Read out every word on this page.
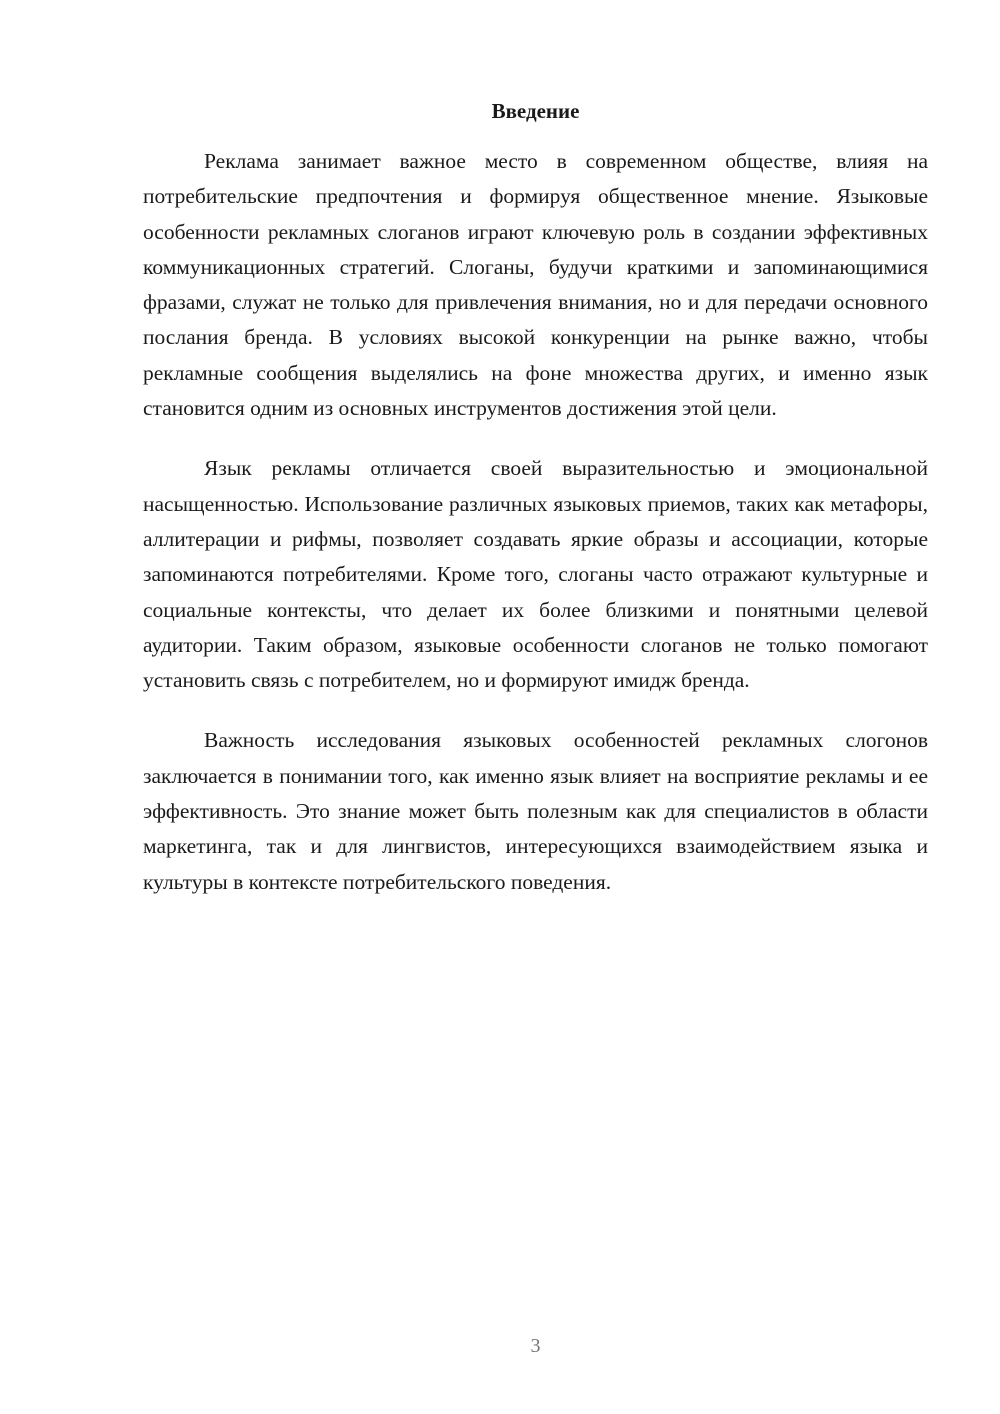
Введение

Реклама занимает важное место в современном обществе, влияя на потребительские предпочтения и формируя общественное мнение. Языковые особенности рекламных слоганов играют ключевую роль в создании эффективных коммуникационных стратегий. Слоганы, будучи краткими и запоминающимися фразами, служат не только для привлечения внимания, но и для передачи основного послания бренда. В условиях высокой конкуренции на рынке важно, чтобы рекламные сообщения выделялись на фоне множества других, и именно язык становится одним из основных инструментов достижения этой цели.

Язык рекламы отличается своей выразительностью и эмоциональной насыщенностью. Использование различных языковых приемов, таких как метафоры, аллитерации и рифмы, позволяет создавать яркие образы и ассоциации, которые запоминаются потребителями. Кроме того, слоганы часто отражают культурные и социальные контексты, что делает их более близкими и понятными целевой аудитории. Таким образом, языковые особенности слоганов не только помогают установить связь с потребителем, но и формируют имидж бренда.

Важность исследования языковых особенностей рекламных слогонов заключается в понимании того, как именно язык влияет на восприятие рекламы и ее эффективность. Это знание может быть полезным как для специалистов в области маркетинга, так и для лингвистов, интересующихся взаимодействием языка и культуры в контексте потребительского поведения.

3
